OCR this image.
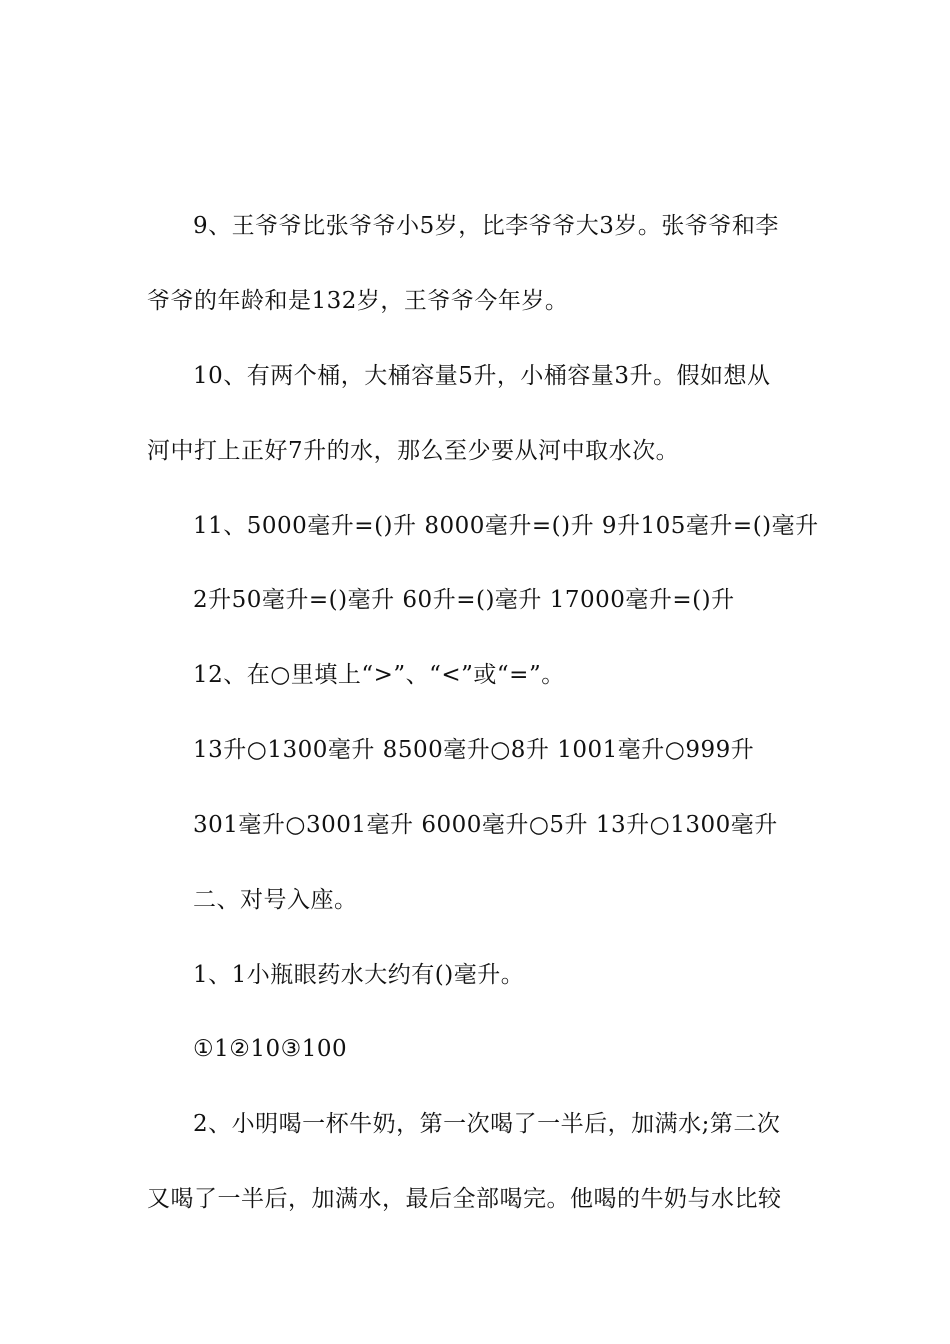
9、王爷爷比张爷爷小5岁，比李爷爷大3岁。张爷爷和李
爷爷的年龄和是132岁，王爷爷今年岁。
10、有两个桶，大桶容量5升，小桶容量3升。假如想从
河中打上正好7升的水，那么至少要从河中取水次。
11、5000毫升=()升 8000毫升=()升 9升105毫升=()毫升
2升50毫升=()毫升 60升=()毫升 17000毫升=()升
12、在○里填上“>”、“<”或“=”。
13升○1300毫升 8500毫升○8升 1001毫升○999升
301毫升○3001毫升 6000毫升○5升 13升○1300毫升
二、对号入座。
1、1小瓶眼药水大约有()毫升。
①1②10③100
2、小明喝一杯牛奶，第一次喝了一半后，加满水;第二次
又喝了一半后，加满水，最后全部喝完。他喝的牛奶与水比较
